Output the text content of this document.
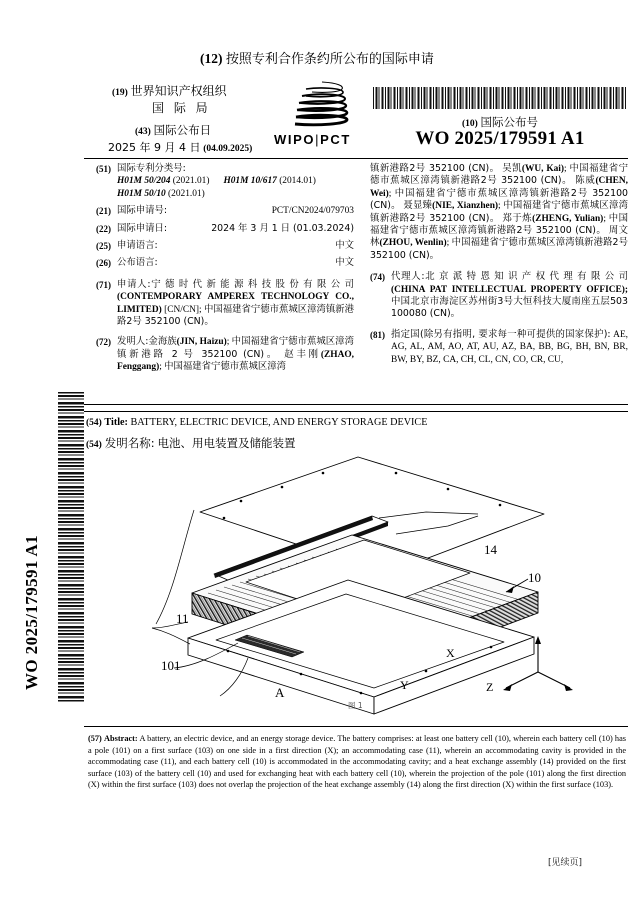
WO 2025/179591 A1
(12) 按照专利合作条约所公布的国际申请
(19) 世界知识产权组织
国 际 局
(43) 国际公布日
2025 年 9 月 4 日 (04.09.2025)
WIPO|PCT
(10) 国际公布号
WO 2025/179591 A1
(51) 国际专利分类号:
H01M 50/204 (2021.01) H01M 10/617 (2014.01)
H01M 50/10 (2021.01)
(21) 国际申请号:	PCT/CN2024/079703
(22) 国际申请日:	2024 年 3 月 1 日 (01.03.2024)
(25) 申请语言:	中文
(26) 公布语言:	中文
(71) 申请人:宁 德 时 代 新 能 源 科 技 股 份 有 限 公 司 (CONTEMPORARY AMPEREX TECHNOLOGY CO., LIMITED) [CN/CN]; 中国福建省宁德市蕉城区漳湾镇新港路2号 352100 (CN)。
(72) 发明人:金海族(JIN, Haizu); 中国福建省宁德市蕉城区漳湾镇新港路 2 号 352100 (CN)。 赵丰刚(ZHAO, Fenggang); 中国福建省宁德市蕉城区漳湾
镇新港路2号 352100 (CN)。 吴凯(WU, Kai); 中国福建省宁德市蕉城区漳湾镇新港路2号 352100 (CN)。 陈威(CHEN, Wei); 中国福建省宁德市蕉城区漳湾镇新港路2号 352100 (CN)。 聂显臻(NIE, Xianzhen); 中国福建省宁德市蕉城区漳湾镇新港路2号 352100 (CN)。 郑于炼(ZHENG, Yulian); 中国福建省宁德市蕉城区漳湾镇新港路2号 352100 (CN)。 周文林(ZHOU, Wenlin); 中国福建省宁德市蕉城区漳湾镇新港路2号 352100 (CN)。
(74) 代理人:北 京 派 特 恩 知 识 产 权 代 理 有 限 公 司 (CHINA PAT INTELLECTUAL PROPERTY OFFICE); 中国北京市海淀区苏州街3号大恒科技大厦南座五层503 100080 (CN)。
(81) 指定国(除另有指明, 要求每一种可提供的国家保护): AE, AG, AL, AM, AO, AT, AU, AZ, BA, BB, BG, BH, BN, BR, BW, BY, BZ, CA, CH, CL, CN, CO, CR, CU,
(54) Title: BATTERY, ELECTRIC DEVICE, AND ENERGY STORAGE DEVICE
(54) 发明名称: 电池、用电装置及储能装置
14
10
11
101
A
X
Y	Z
图 1
(57) Abstract: A battery, an electric device, and an energy storage device. The battery comprises: at least one battery cell (10), wherein each battery cell (10) has a pole (101) on a first surface (103) on one side in a first direction (X); an accommodating case (11), wherein an accommodating cavity is provided in the accommodating case (11), and each battery cell (10) is accommodated in the accommodating cavity; and a heat exchange assembly (14) provided on the first surface (103) of the battery cell (10) and used for exchanging heat with each battery cell (10), wherein the projection of the pole (101) along the first direction (X) within the first surface (103) does not overlap the projection of the heat exchange assembly (14) along the first direction (X) within the first surface (103).
[见续页]
